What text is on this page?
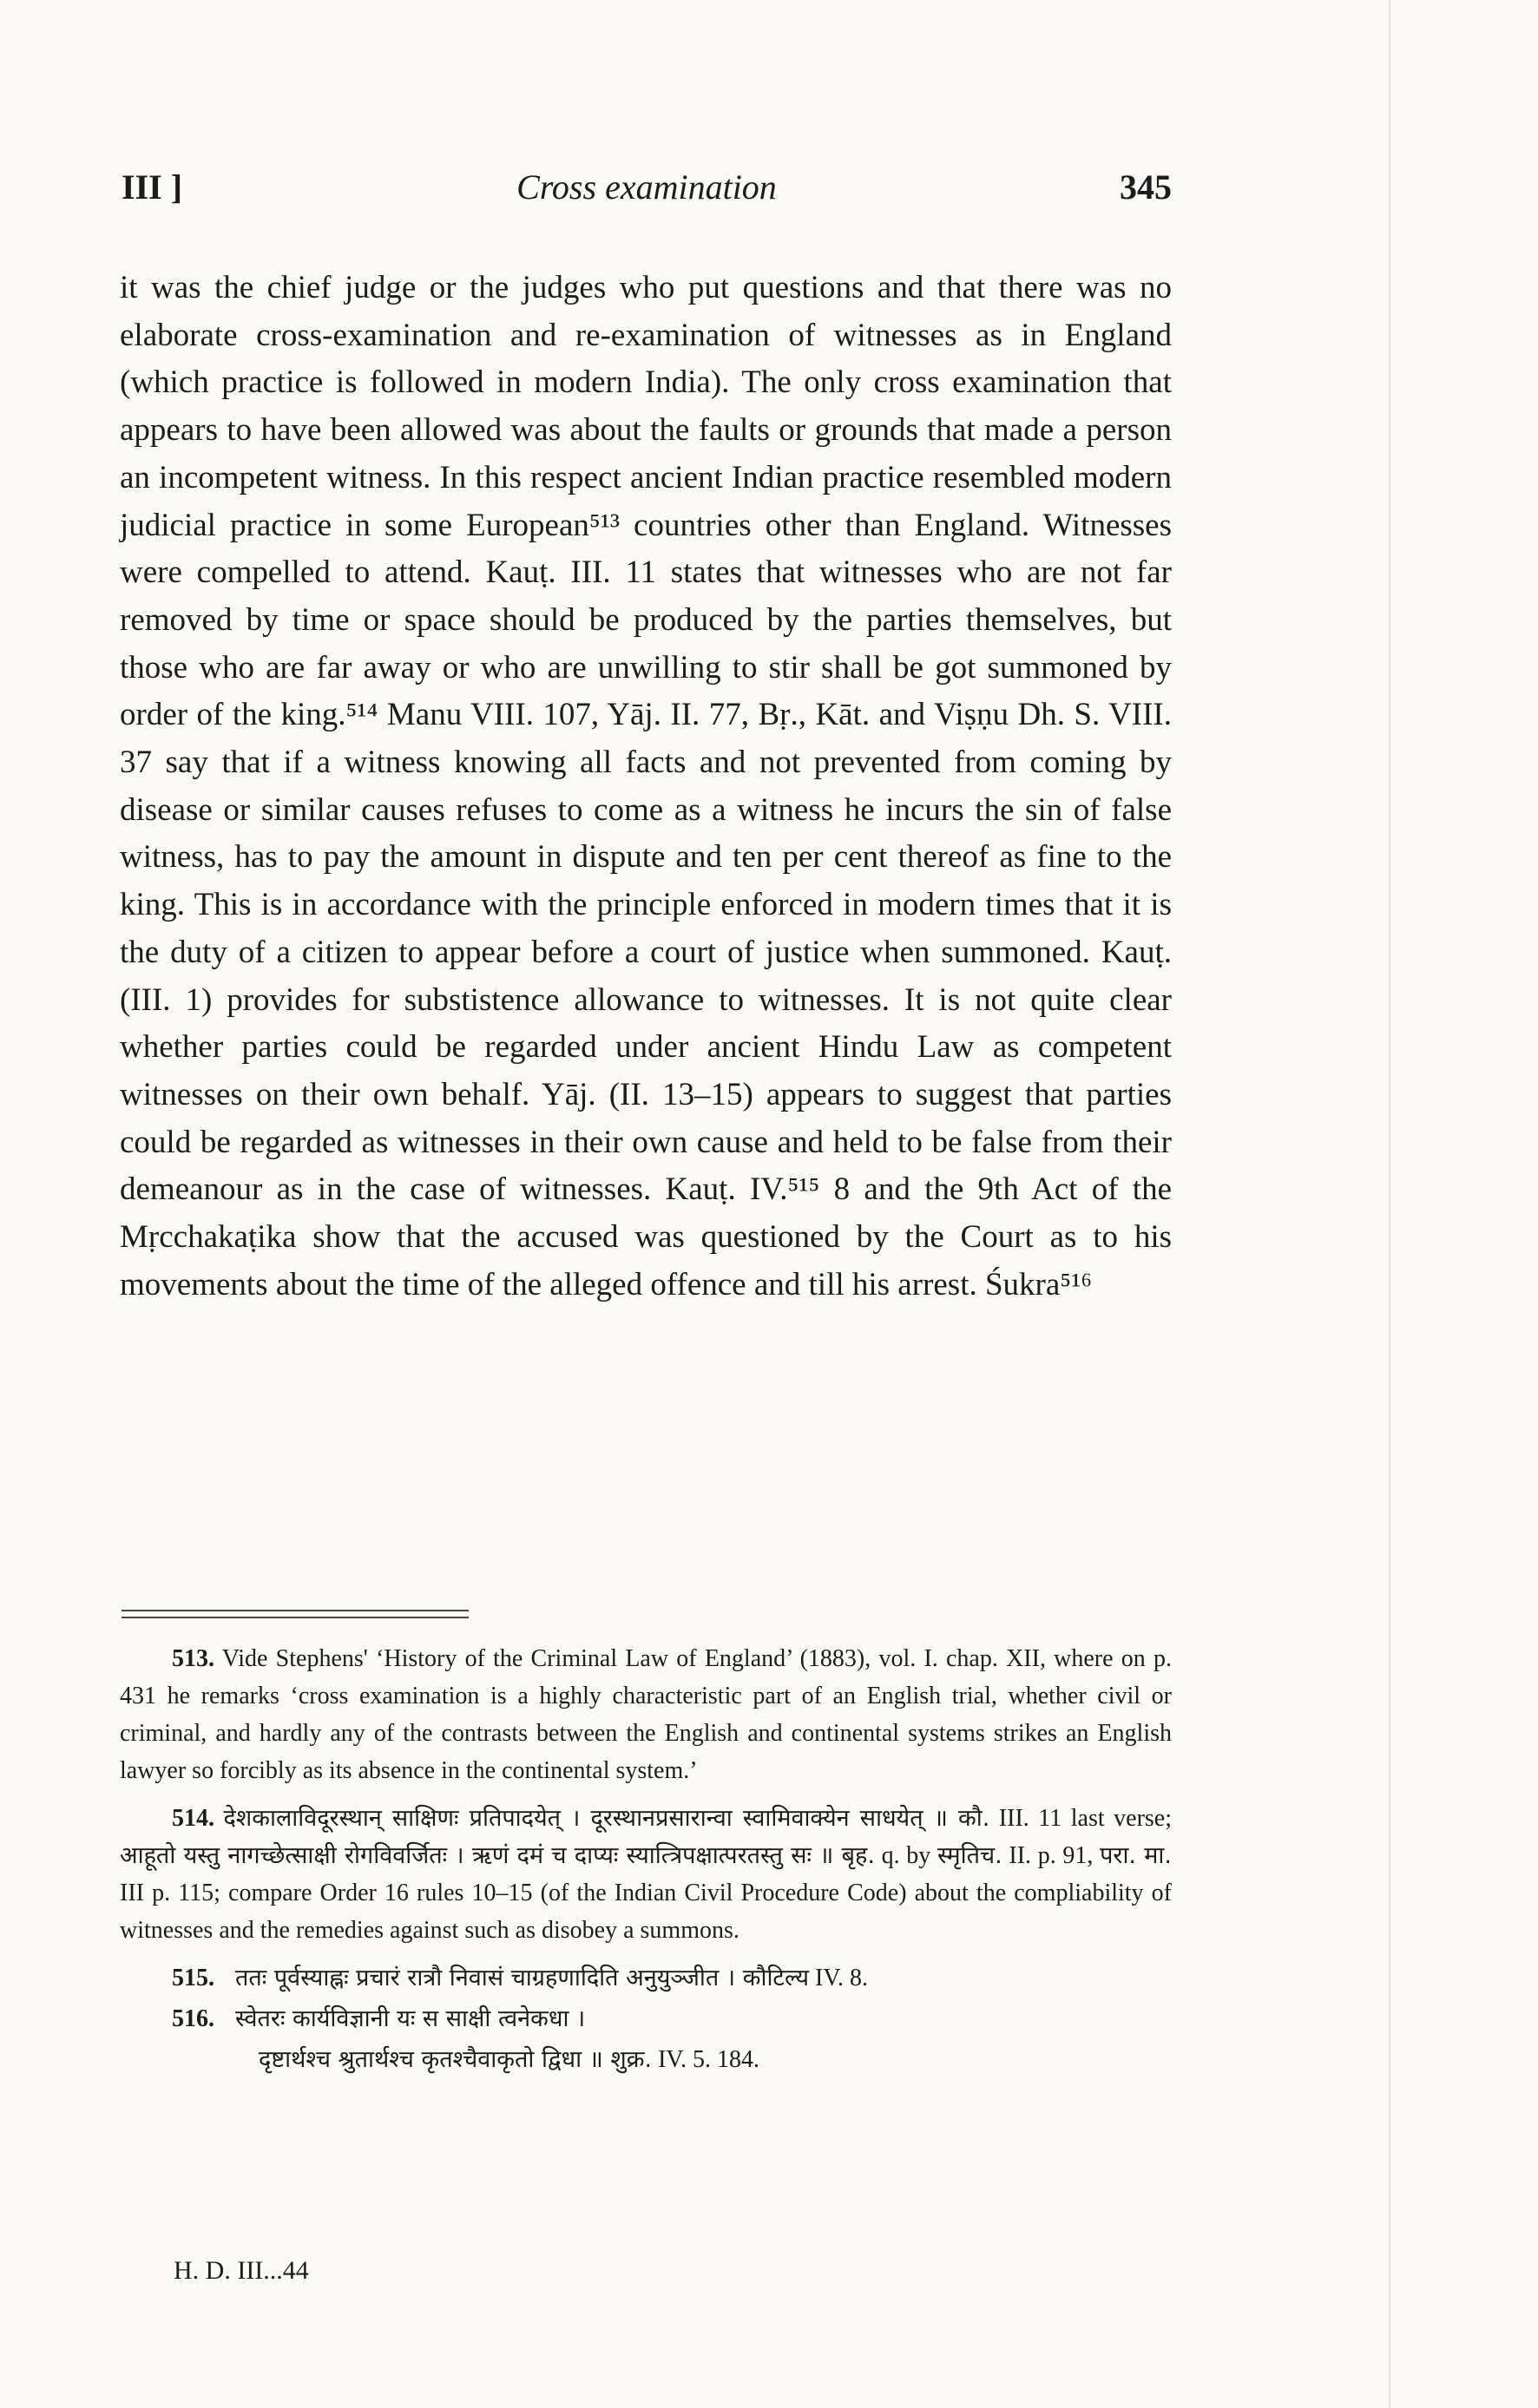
III ]	Cross examination	345

it was the chief judge or the judges who put questions and that there was no elaborate cross-examination and re-examination of witnesses as in England (which practice is followed in modern India). The only cross examination that appears to have been allowed was about the faults or grounds that made a person an incompetent witness. In this respect ancient Indian practice resembled modern judicial practice in some European⁵¹³ countries other than England. Witnesses were compelled to attend. Kauṭ. III. 11 states that witnesses who are not far removed by time or space should be produced by the parties themselves, but those who are far away or who are unwilling to stir shall be got summoned by order of the king.⁵¹⁴ Manu VIII. 107, Yāj. II. 77, Bṛ., Kāt. and Viṣṇu Dh. S. VIII. 37 say that if a witness knowing all facts and not prevented from coming by disease or similar causes refuses to come as a witness he incurs the sin of false witness, has to pay the amount in dispute and ten per cent thereof as fine to the king. This is in accordance with the principle enforced in modern times that it is the duty of a citizen to appear before a court of justice when summoned. Kauṭ. (III. 1) provides for substistence allowance to witnesses. It is not quite clear whether parties could be regarded under ancient Hindu Law as competent witnesses on their own behalf. Yāj. (II. 13–15) appears to suggest that parties could be regarded as witnesses in their own cause and held to be false from their demeanour as in the case of witnesses. Kauṭ. IV.⁵¹⁵ 8 and the 9th Act of the Mṛcchakaṭika show that the accused was questioned by the Court as to his movements about the time of the alleged offence and till his arrest. Śukra⁵¹⁶

513. Vide Stephens' ‘History of the Criminal Law of England’ (1883), vol. I. chap. XII, where on p. 431 he remarks ‘cross examination is a highly characteristic part of an English trial, whether civil or criminal, and hardly any of the contrasts between the English and continental systems strikes an English lawyer so forcibly as its absence in the continental system.’

514. देशकालाविदूरस्थान् साक्षिणः प्रतिपादयेत् । दूरस्थानप्रसारान्वा स्वामिवाक्येन साधयेत् ॥ कौ. III. 11 last verse; आहूतो यस्तु नागच्छेत्साक्षी रोगविवर्जितः । ऋणं दमं च दाप्यः स्यात्त्रिपक्षात्परतस्तु सः ॥ बृह. q. by स्मृतिच. II. p. 91, परा. मा. III p. 115; compare Order 16 rules 10–15 (of the Indian Civil Procedure Code) about the compliability of witnesses and the remedies against such as disobey a summons.

515. ततः पूर्वस्याह्नः प्रचारं रात्रौ निवासं चाग्रहणादिति अनुयुञ्जीत । कौटिल्य IV. 8.

516. स्वेतरः कार्यविज्ञानी यः स साक्षी त्वनेकधा ।

दृष्टार्थश्च श्रुतार्थश्च कृतश्चैवाकृतो द्विधा ॥ शुक्र. IV. 5. 184.

H. D. III...44
